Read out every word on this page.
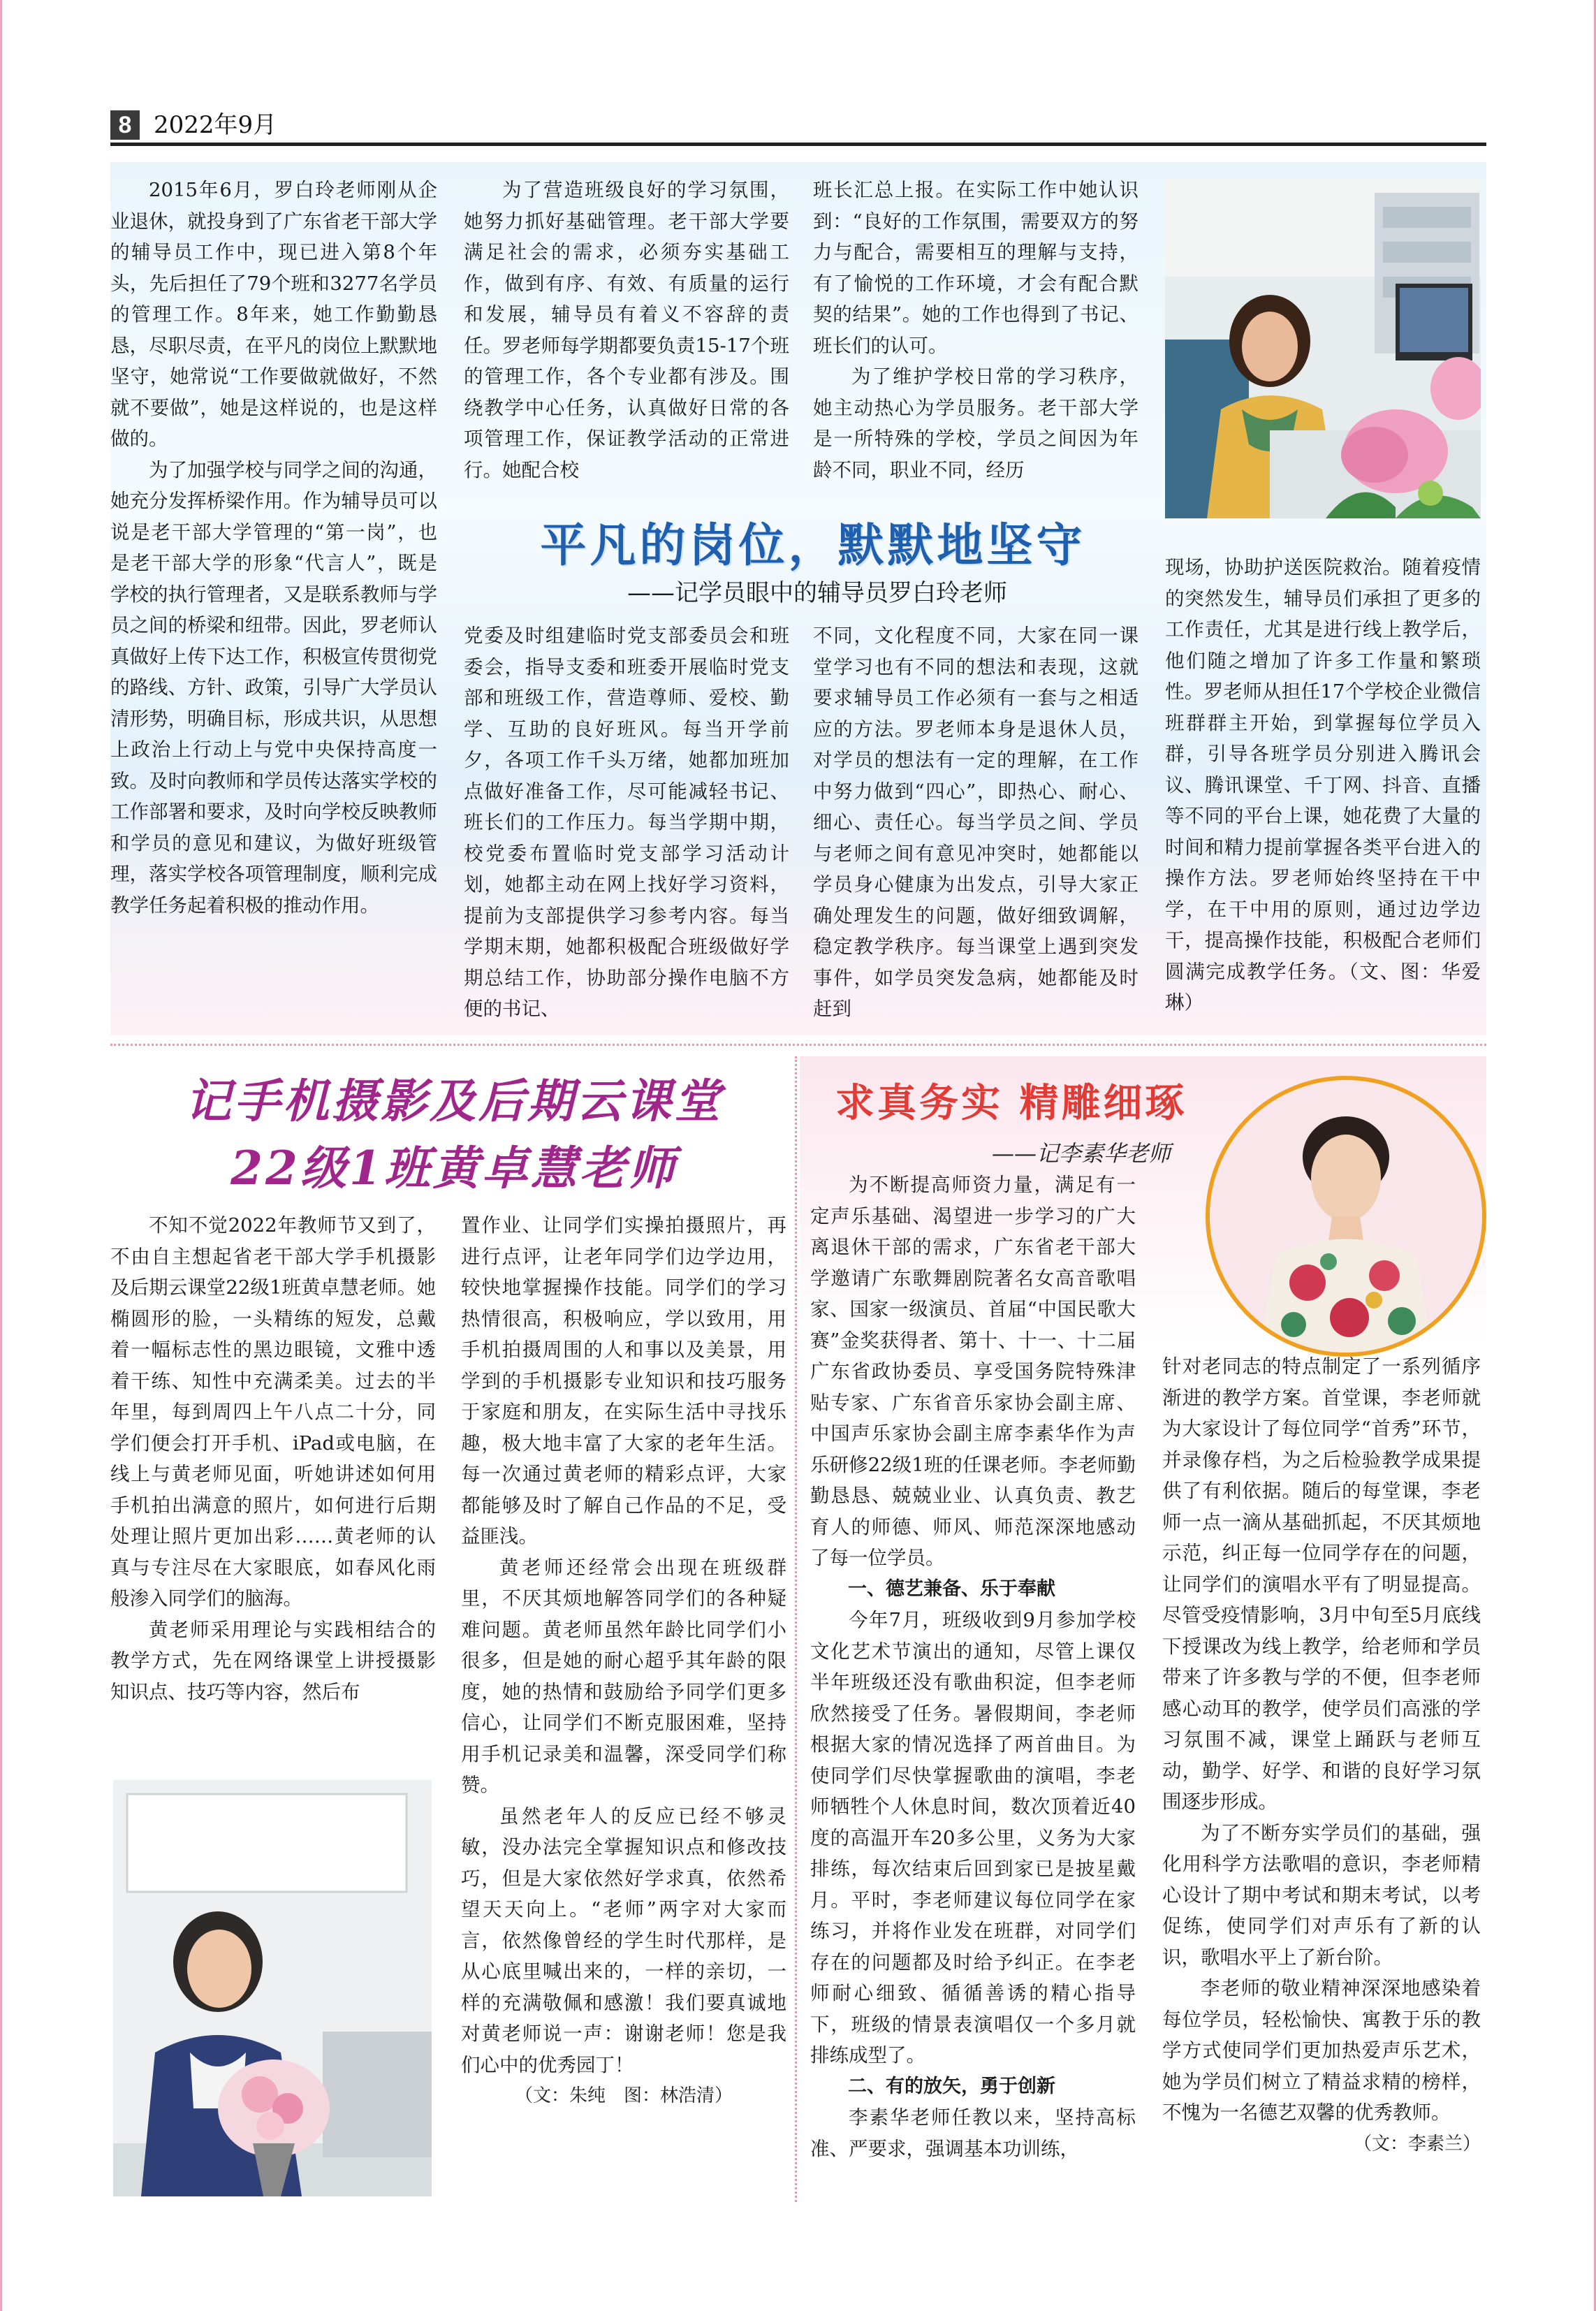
8 2022年9月

2015年6月，罗白玲老师刚从企业退休，就投身到了广东省老干部大学的辅导员工作中，现已进入第8个年头，先后担任了79个班和3277名学员的管理工作。8年来，她工作勤勤恳恳，尽职尽责，在平凡的岗位上默默地坚守，她常说“工作要做就做好，不然就不要做”，她是这样说的，也是这样做的。

为了加强学校与同学之间的沟通，她充分发挥桥梁作用。作为辅导员可以说是老干部大学管理的“第一岗”，也是老干部大学的形象“代言人”，既是学校的执行管理者，又是联系教师与学员之间的桥梁和纽带。因此，罗老师认真做好上传下达工作，积极宣传贯彻党的路线、方针、政策，引导广大学员认清形势，明确目标，形成共识，从思想上政治上行动上与党中央保持高度一致。及时向教师和学员传达落实学校的工作部署和要求，及时向学校反映教师和学员的意见和建议，为做好班级管理，落实学校各项管理制度，顺利完成教学任务起着积极的推动作用。

为了营造班级良好的学习氛围，她努力抓好基础管理。老干部大学要满足社会的需求，必须夯实基础工作，做到有序、有效、有质量的运行和发展，辅导员有着义不容辞的责任。罗老师每学期都要负责15-17个班的管理工作，各个专业都有涉及。围绕教学中心任务，认真做好日常的各项管理工作，保证教学活动的正常进行。她配合校

班长汇总上报。在实际工作中她认识到：“良好的工作氛围，需要双方的努力与配合，需要相互的理解与支持，有了愉悦的工作环境，才会有配合默契的结果”。她的工作也得到了书记、班长们的认可。

为了维护学校日常的学习秩序，她主动热心为学员服务。老干部大学是一所特殊的学校，学员之间因为年龄不同，职业不同，经历

平凡的岗位，默默地坚守
——记学员眼中的辅导员罗白玲老师

党委及时组建临时党支部委员会和班委会，指导支委和班委开展临时党支部和班级工作，营造尊师、爱校、勤学、互助的良好班风。每当开学前夕，各项工作千头万绪，她都加班加点做好准备工作，尽可能减轻书记、班长们的工作压力。每当学期中期，校党委布置临时党支部学习活动计划，她都主动在网上找好学习资料，提前为支部提供学习参考内容。每当学期末期，她都积极配合班级做好学期总结工作，协助部分操作电脑不方便的书记、

不同，文化程度不同，大家在同一课堂学习也有不同的想法和表现，这就要求辅导员工作必须有一套与之相适应的方法。罗老师本身是退休人员，对学员的想法有一定的理解，在工作中努力做到“四心”，即热心、耐心、细心、责任心。每当学员之间、学员与老师之间有意见冲突时，她都能以学员身心健康为出发点，引导大家正确处理发生的问题，做好细致调解，稳定教学秩序。每当课堂上遇到突发事件，如学员突发急病，她都能及时赶到

现场，协助护送医院救治。随着疫情的突然发生，辅导员们承担了更多的工作责任，尤其是进行线上教学后，他们随之增加了许多工作量和繁琐性。罗老师从担任17个学校企业微信班群群主开始，到掌握每位学员入群，引导各班学员分别进入腾讯会议、腾讯课堂、千丁网、抖音、直播等不同的平台上课，她花费了大量的时间和精力提前掌握各类平台进入的操作方法。罗老师始终坚持在干中学，在干中用的原则，通过边学边干，提高操作技能，积极配合老师们圆满完成教学任务。（文、图：华爱琳）

记手机摄影及后期云课堂
22级1班黄卓慧老师

不知不觉2022年教师节又到了，不由自主想起省老干部大学手机摄影及后期云课堂22级1班黄卓慧老师。她椭圆形的脸，一头精练的短发，总戴着一幅标志性的黑边眼镜，文雅中透着干练、知性中充满柔美。过去的半年里，每到周四上午八点二十分，同学们便会打开手机、iPad或电脑，在线上与黄老师见面，听她讲述如何用手机拍出满意的照片，如何进行后期处理让照片更加出彩……黄老师的认真与专注尽在大家眼底，如春风化雨般渗入同学们的脑海。

黄老师采用理论与实践相结合的教学方式，先在网络课堂上讲授摄影知识点、技巧等内容，然后布

置作业、让同学们实操拍摄照片，再进行点评，让老年同学们边学边用，较快地掌握操作技能。同学们的学习热情很高，积极响应，学以致用，用手机拍摄周围的人和事以及美景，用学到的手机摄影专业知识和技巧服务于家庭和朋友，在实际生活中寻找乐趣，极大地丰富了大家的老年生活。每一次通过黄老师的精彩点评，大家都能够及时了解自己作品的不足，受益匪浅。

黄老师还经常会出现在班级群里，不厌其烦地解答同学们的各种疑难问题。黄老师虽然年龄比同学们小很多，但是她的耐心超乎其年龄的限度，她的热情和鼓励给予同学们更多信心，让同学们不断克服困难，坚持用手机记录美和温馨，深受同学们称赞。

虽然老年人的反应已经不够灵敏，没办法完全掌握知识点和修改技巧，但是大家依然好学求真，依然希望天天向上。“老师”两字对大家而言，依然像曾经的学生时代那样，是从心底里喊出来的，一样的亲切，一样的充满敬佩和感激！我们要真诚地对黄老师说一声：谢谢老师！您是我们心中的优秀园丁！

（文：朱纯　图：林浩清）

求真务实 精雕细琢
——记李素华老师

为不断提高师资力量，满足有一定声乐基础、渴望进一步学习的广大离退休干部的需求，广东省老干部大学邀请广东歌舞剧院著名女高音歌唱家、国家一级演员、首届“中国民歌大赛”金奖获得者、第十、十一、十二届广东省政协委员、享受国务院特殊津贴专家、广东省音乐家协会副主席、中国声乐家协会副主席李素华作为声乐研修22级1班的任课老师。李老师勤勤恳恳、兢兢业业、认真负责、教艺育人的师德、师风、师范深深地感动了每一位学员。

一、德艺兼备、乐于奉献

今年7月，班级收到9月参加学校文化艺术节演出的通知，尽管上课仅半年班级还没有歌曲积淀，但李老师欣然接受了任务。暑假期间，李老师根据大家的情况选择了两首曲目。为使同学们尽快掌握歌曲的演唱，李老师牺牲个人休息时间，数次顶着近40度的高温开车20多公里，义务为大家排练，每次结束后回到家已是披星戴月。平时，李老师建议每位同学在家练习，并将作业发在班群，对同学们存在的问题都及时给予纠正。在李老师耐心细致、循循善诱的精心指导下，班级的情景表演唱仅一个多月就排练成型了。

二、有的放矢，勇于创新

李素华老师任教以来，坚持高标准、严要求，强调基本功训练，

针对老同志的特点制定了一系列循序渐进的教学方案。首堂课，李老师就为大家设计了每位同学“首秀”环节，并录像存档，为之后检验教学成果提供了有利依据。随后的每堂课，李老师一点一滴从基础抓起，不厌其烦地示范，纠正每一位同学存在的问题，让同学们的演唱水平有了明显提高。尽管受疫情影响，3月中旬至5月底线下授课改为线上教学，给老师和学员带来了许多教与学的不便，但李老师感心动耳的教学，使学员们高涨的学习氛围不减，课堂上踊跃与老师互动，勤学、好学、和谐的良好学习氛围逐步形成。

为了不断夯实学员们的基础，强化用科学方法歌唱的意识，李老师精心设计了期中考试和期末考试，以考促练，使同学们对声乐有了新的认识，歌唱水平上了新台阶。

李老师的敬业精神深深地感染着每位学员，轻松愉快、寓教于乐的教学方式使同学们更加热爱声乐艺术，她为学员们树立了精益求精的榜样，不愧为一名德艺双馨的优秀教师。

（文：李素兰）
